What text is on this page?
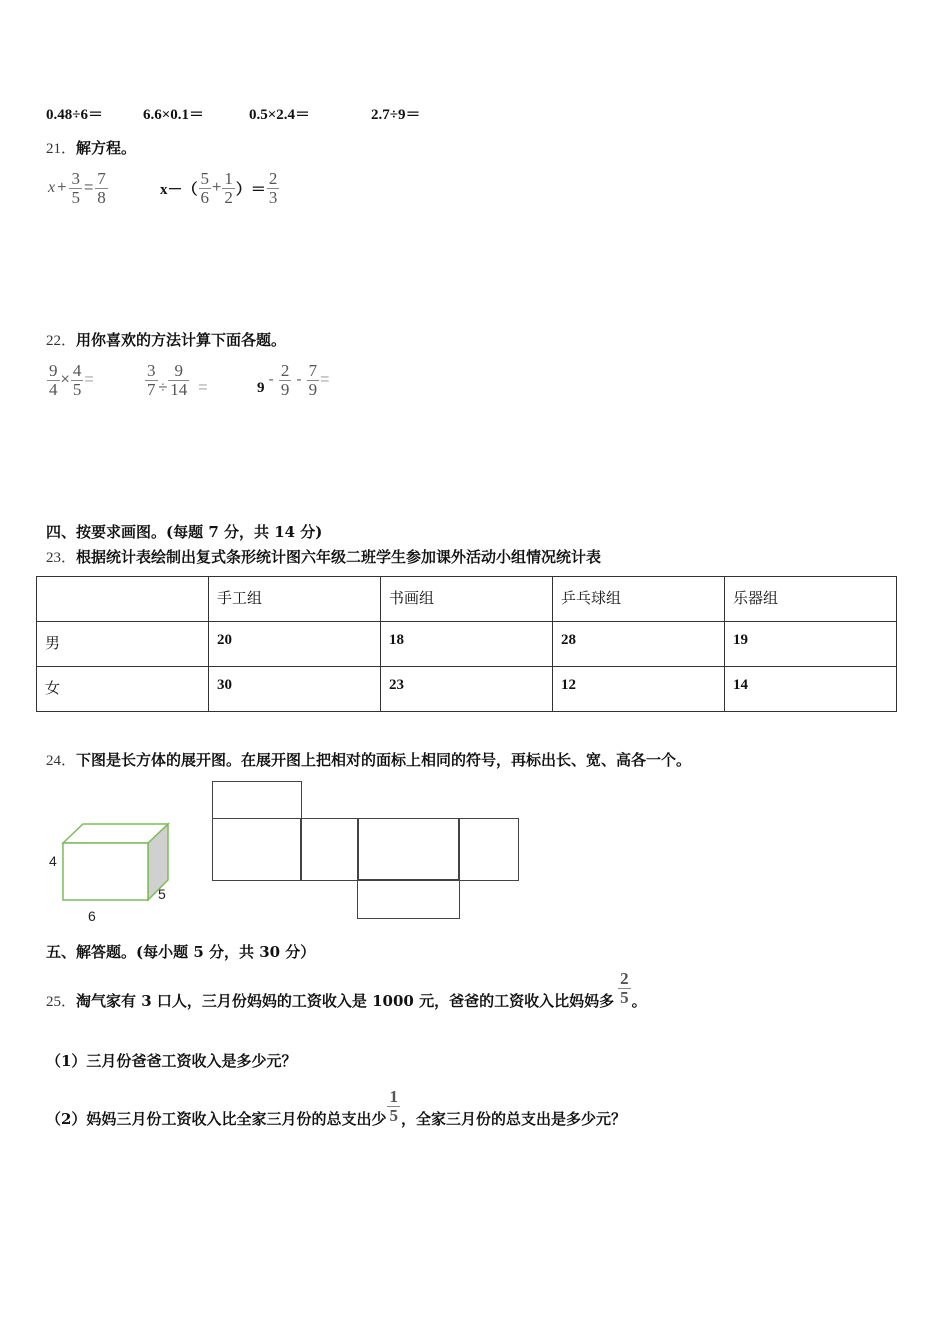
0.48÷6＝	6.6×0.1＝	0.5×2.4＝	2.7÷9＝
21．解方程。
$x + \frac{3}{5} = \frac{7}{8}$	$x-( \frac{5}{6} + \frac{1}{2}$ ）＝ $\frac{2}{3}$
22．用你喜欢的方法计算下面各题。
$\frac{9}{4} \times \frac{4}{5}$ =	$\frac{3}{7} \div \frac{9}{14}$ =	$9 - \frac{2}{9} - \frac{7}{9}$ =
四、按要求画图。(每题 7 分，共 14 分)
23．根据统计表绘制出复式条形统计图六年级二班学生参加课外活动小组情况统计表
	手工组	书画组	乒乓球组	乐器组
男	20	18	28	19
女	30	23	12	14
24．下图是长方体的展开图。在展开图上把相对的面标上相同的符号，再标出长、宽、高各一个。
4
6
5
五、解答题。(每小题 5 分，共 30 分）
25． 淘气家有 3 口人，三月份妈妈的工资收入是 1000 元，爸爸的工资收入比妈妈多 $\frac{2}{5}$ 。
（1）三月份爸爸工资收入是多少元？
（2）妈妈三月份工资收入比全家三月份的总支出少 $\frac{1}{5}$ ，全家三月份的总支出是多少元？
